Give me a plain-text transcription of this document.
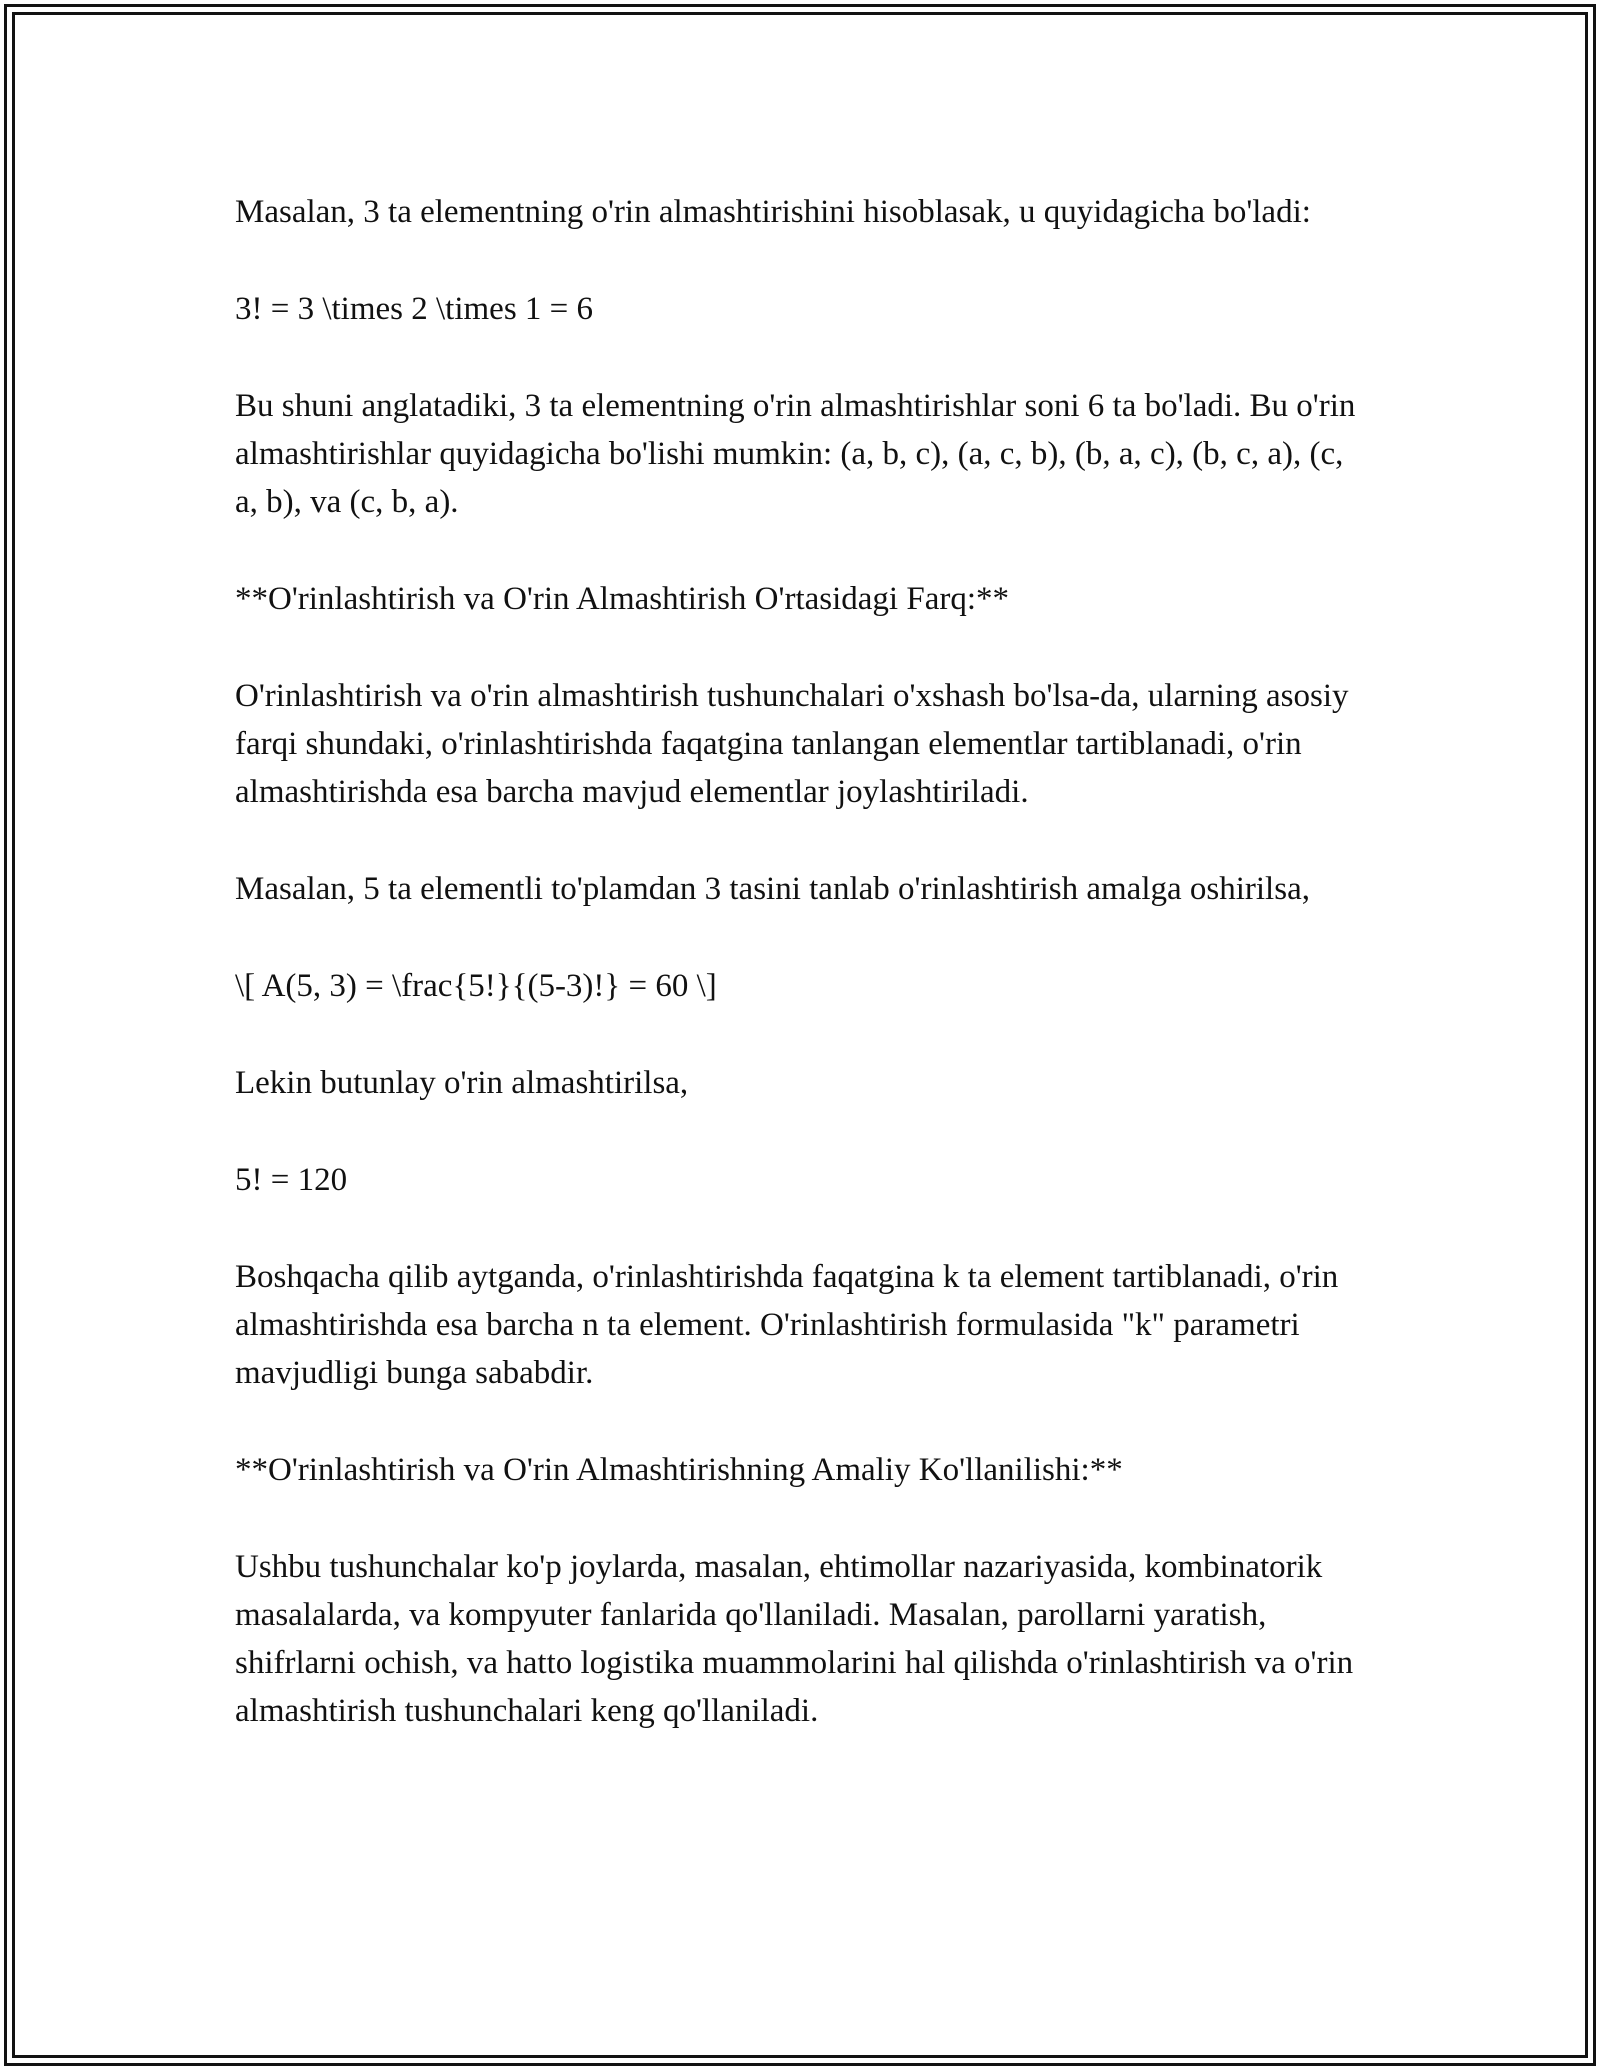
Masalan, 3 ta elementning o'rin almashtirishini hisoblasak, u quyidagicha bo'ladi:

3! = 3 \times 2 \times 1 = 6

Bu shuni anglatadiki, 3 ta elementning o'rin almashtirishlar soni 6 ta bo'ladi. Bu o'rin almashtirishlar quyidagicha bo'lishi mumkin: (a, b, c), (a, c, b), (b, a, c), (b, c, a), (c, a, b), va (c, b, a).

**O'rinlashtirish va O'rin Almashtirish O'rtasidagi Farq:**

O'rinlashtirish va o'rin almashtirish tushunchalari o'xshash bo'lsa-da, ularning asosiy farqi shundaki, o'rinlashtirishda faqatgina tanlangan elementlar tartiblanadi, o'rin almashtirishda esa barcha mavjud elementlar joylashtiriladi.

Masalan, 5 ta elementli to'plamdan 3 tasini tanlab o'rinlashtirish amalga oshirilsa,

\[ A(5, 3) = \frac{5!}{(5-3)!} = 60 \]

Lekin butunlay o'rin almashtirilsa,

5! = 120

Boshqacha qilib aytganda, o'rinlashtirishda faqatgina k ta element tartiblanadi, o'rin almashtirishda esa barcha n ta element. O'rinlashtirish formulasida "k" parametri mavjudligi bunga sababdir.

**O'rinlashtirish va O'rin Almashtirishning Amaliy Ko'llanilishi:**

Ushbu tushunchalar ko'p joylarda, masalan, ehtimollar nazariyasida, kombinatorik masalalarda, va kompyuter fanlarida qo'llaniladi. Masalan, parollarni yaratish, shifrlarni ochish, va hatto logistika muammolarini hal qilishda o'rinlashtirish va o'rin almashtirish tushunchalari keng qo'llaniladi.
